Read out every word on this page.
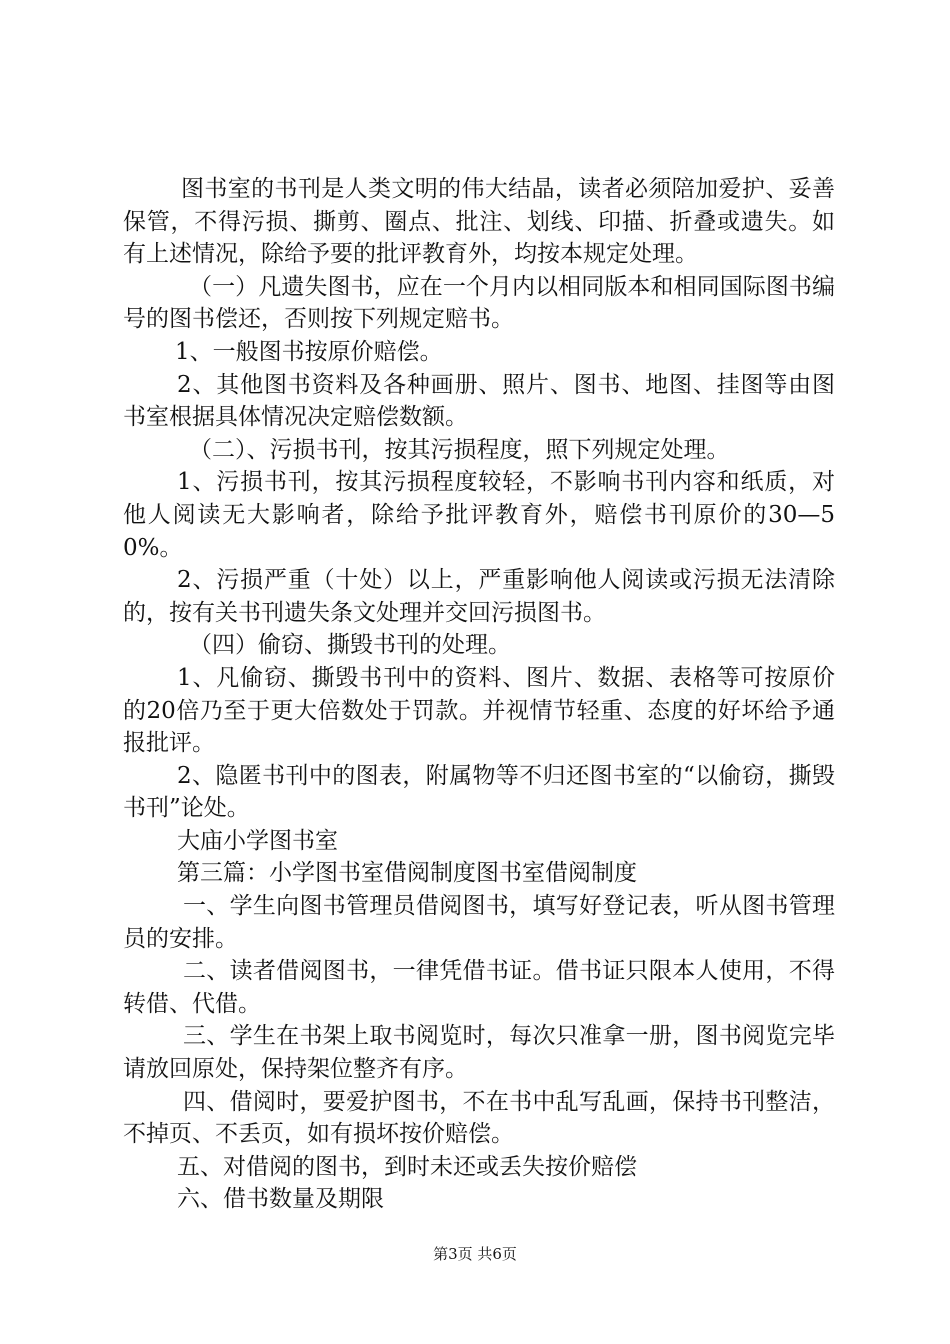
图书室的书刊是人类文明的伟大结晶，读者必须陪加爱护、妥善保管，不得污损、撕剪、圈点、批注、划线、印描、折叠或遗失。如有上述情况，除给予要的批评教育外，均按本规定处理。

（一）凡遗失图书，应在一个月内以相同版本和相同国际图书编号的图书偿还，否则按下列规定赔书。

1、一般图书按原价赔偿。

2、其他图书资料及各种画册、照片、图书、地图、挂图等由图书室根据具体情况决定赔偿数额。

（二）、污损书刊，按其污损程度，照下列规定处理。

1、污损书刊，按其污损程度较轻，不影响书刊内容和纸质，对他人阅读无大影响者，除给予批评教育外，赔偿书刊原价的30—50%。

2、污损严重（十处）以上，严重影响他人阅读或污损无法清除的，按有关书刊遗失条文处理并交回污损图书。

（四）偷窃、撕毁书刊的处理。

1、凡偷窃、撕毁书刊中的资料、图片、数据、表格等可按原价的20倍乃至于更大倍数处于罚款。并视情节轻重、态度的好坏给予通报批评。

2、隐匿书刊中的图表，附属物等不归还图书室的“以偷窃，撕毁书刊”论处。

大庙小学图书室

第三篇：小学图书室借阅制度图书室借阅制度

一、学生向图书管理员借阅图书，填写好登记表，听从图书管理员的安排。

二、读者借阅图书，一律凭借书证。借书证只限本人使用，不得转借、代借。

三、学生在书架上取书阅览时，每次只准拿一册，图书阅览完毕请放回原处，保持架位整齐有序。

四、借阅时，要爱护图书，不在书中乱写乱画，保持书刊整洁，不掉页、不丢页，如有损坏按价赔偿。

五、对借阅的图书，到时未还或丢失按价赔偿

六、借书数量及期限

第3页 共6页
